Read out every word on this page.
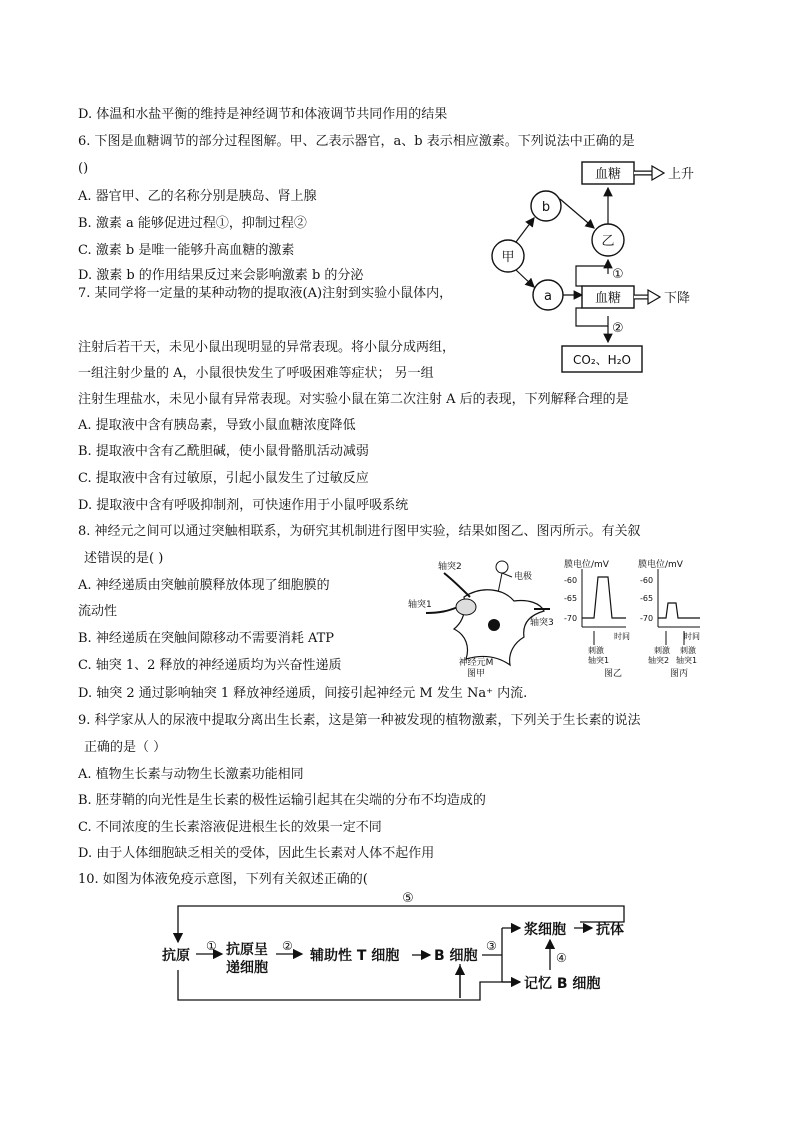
D. 体温和水盐平衡的维持是神经调节和体液调节共同作用的结果
6. 下图是血糖调节的部分过程图解。甲、乙表示器官，a、b 表示相应激素。下列说法中正确的是
()
A. 器官甲、乙的名称分别是胰岛、肾上腺
B. 激素 a 能够促进过程①，抑制过程②
C. 激素 b 是唯一能够升高血糖的激素
D. 激素 b 的作用结果反过来会影响激素 b 的分泌
7. 某同学将一定量的某种动物的提取液(A)注射到实验小鼠体内，
注射后若干天，未见小鼠出现明显的异常表现。将小鼠分成两组，
一组注射少量的 A，小鼠很快发生了呼吸困难等症状； 另一组
注射生理盐水，未见小鼠有异常表现。对实验小鼠在第二次注射 A 后的表现，下列解释合理的是
A. 提取液中含有胰岛素，导致小鼠血糖浓度降低
B. 提取液中含有乙酰胆碱，使小鼠骨骼肌活动减弱
C. 提取液中含有过敏原，引起小鼠发生了过敏反应
D. 提取液中含有呼吸抑制剂，可快速作用于小鼠呼吸系统
8. 神经元之间可以通过突触相联系，为研究其机制进行图甲实验，结果如图乙、图丙所示。有关叙
述错误的是( )
A. 神经递质由突触前膜释放体现了细胞膜的
流动性
B. 神经递质在突触间隙移动不需要消耗 ATP
C. 轴突 1、2 释放的神经递质均为兴奋性递质
D. 轴突 2 通过影响轴突 1 释放神经递质，间接引起神经元 M 发生 Na⁺ 内流.
9. 科学家从人的尿液中提取分离出生长素，这是第一种被发现的植物激素，下列关于生长素的说法
正确的是（ ）
A. 植物生长素与动物生长激素功能相同
B. 胚芽鞘的向光性是生长素的极性运输引起其在尖端的分布不均造成的
C. 不同浓度的生长素溶液促进根生长的效果一定不同
D. 由于人体细胞缺乏相关的受体，因此生长素对人体不起作用
10. 如图为体液免疫示意图，下列有关叙述正确的(
血糖	上升
b
甲
乙
a	血糖	下降
①
②
CO₂、H₂O
轴突2
轴突1
轴突3
电极
神经元M
图甲
膜电位/mV
-60
-65
-70
时间
刺激
轴突1
图乙
膜电位/mV
-60
-65
-70
时间
刺激
轴突2
刺激
轴突1
图丙
⑤
抗原
① 抗原呈
递细胞
②
辅助性 T 细胞 B 细胞
③
浆细胞 抗体
④
记忆 B 细胞
